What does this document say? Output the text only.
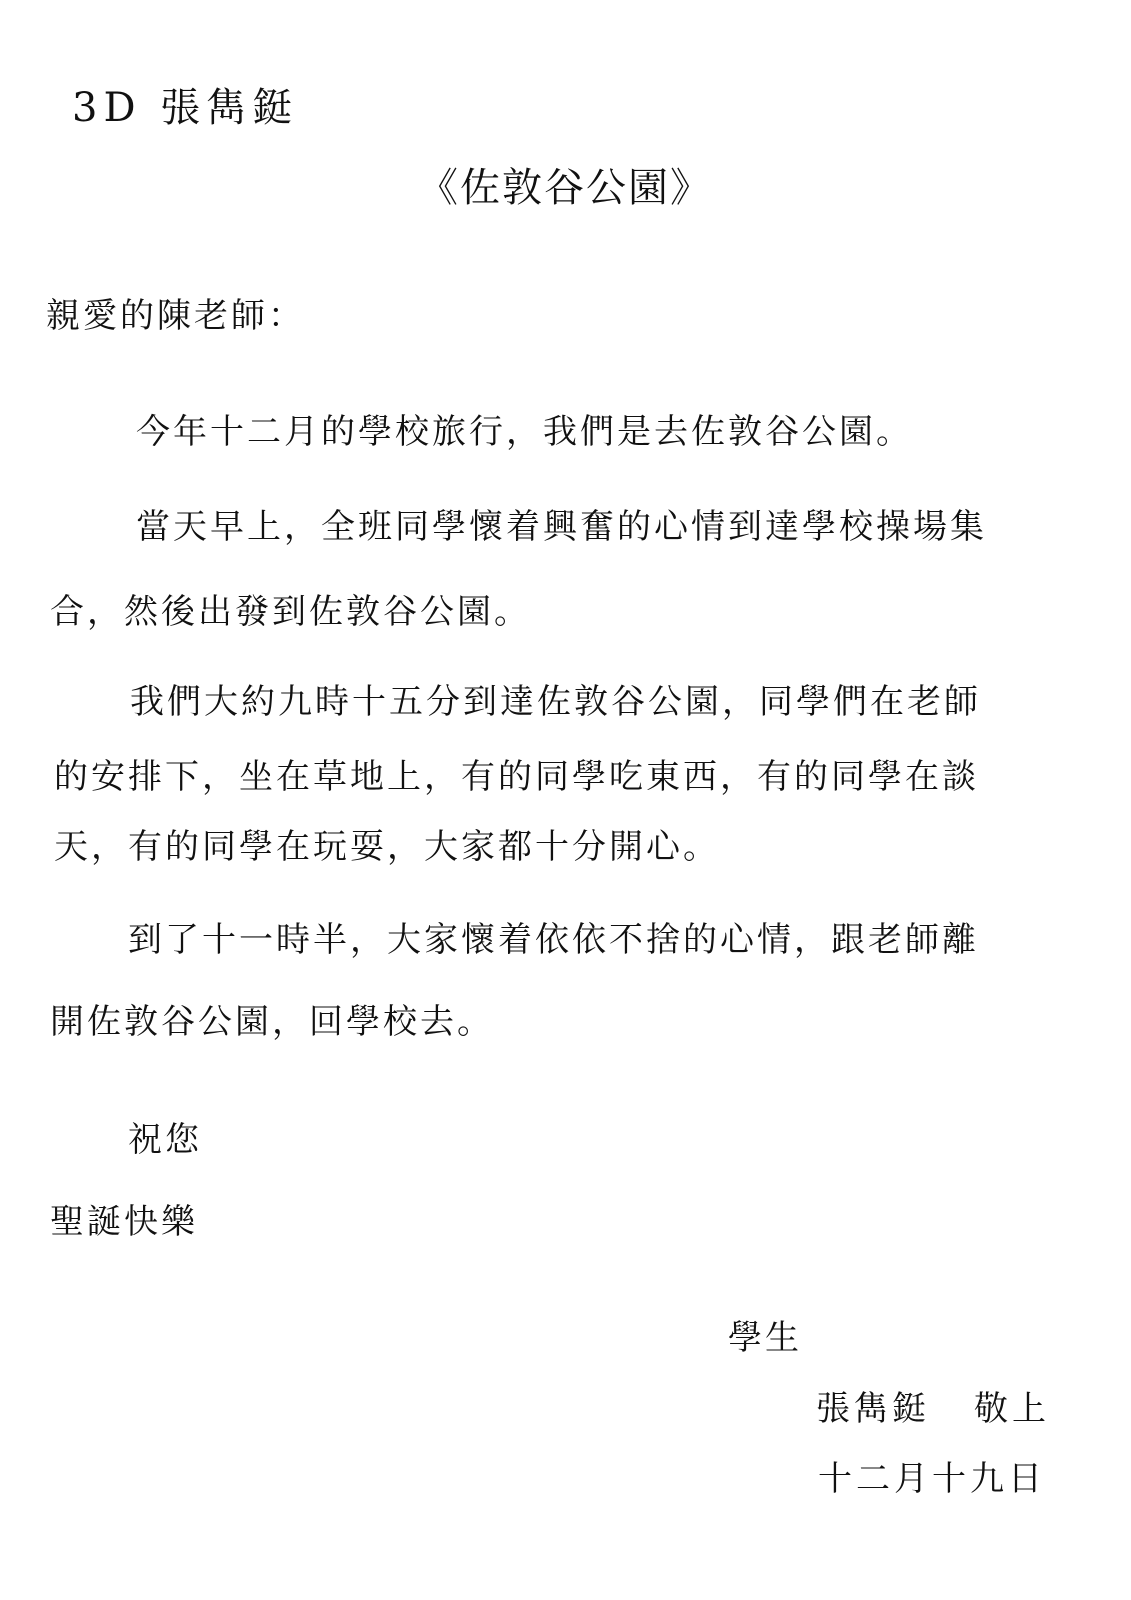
3D 張雋鋌
《佐敦谷公園》
親愛的陳老師：
今年十二月的學校旅行，我們是去佐敦谷公園。
當天早上，全班同學懷着興奮的心情到達學校操場集
合，然後出發到佐敦谷公園。
我們大約九時十五分到達佐敦谷公園，同學們在老師
的安排下，坐在草地上，有的同學吃東西，有的同學在談
天，有的同學在玩耍，大家都十分開心。
到了十一時半，大家懷着依依不捨的心情，跟老師離
開佐敦谷公園，回學校去。
祝您
聖誕快樂
學生
張雋鋌 敬上
十二月十九日
